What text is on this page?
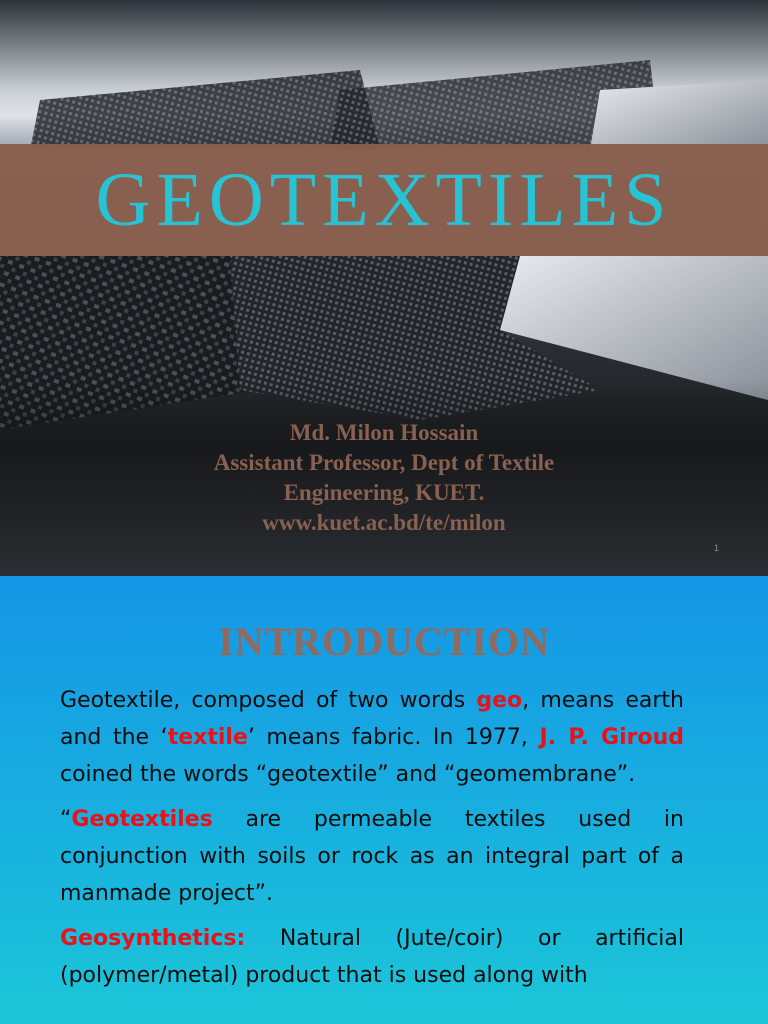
GEOTEXTILES
Md. Milon Hossain
Assistant Professor, Dept of Textile
Engineering, KUET.
www.kuet.ac.bd/te/milon
1
INTRODUCTION

Geotextile, composed of two words geo, means earth and the ‘textile’ means fabric. In 1977, J. P. Giroud coined the words “geotextile” and “geomembrane”.

“Geotextiles are permeable textiles used in conjunction with soils or rock as an integral part of a manmade project”.

Geosynthetics: Natural (Jute/coir) or artificial (polymer/metal) product that is used along with
